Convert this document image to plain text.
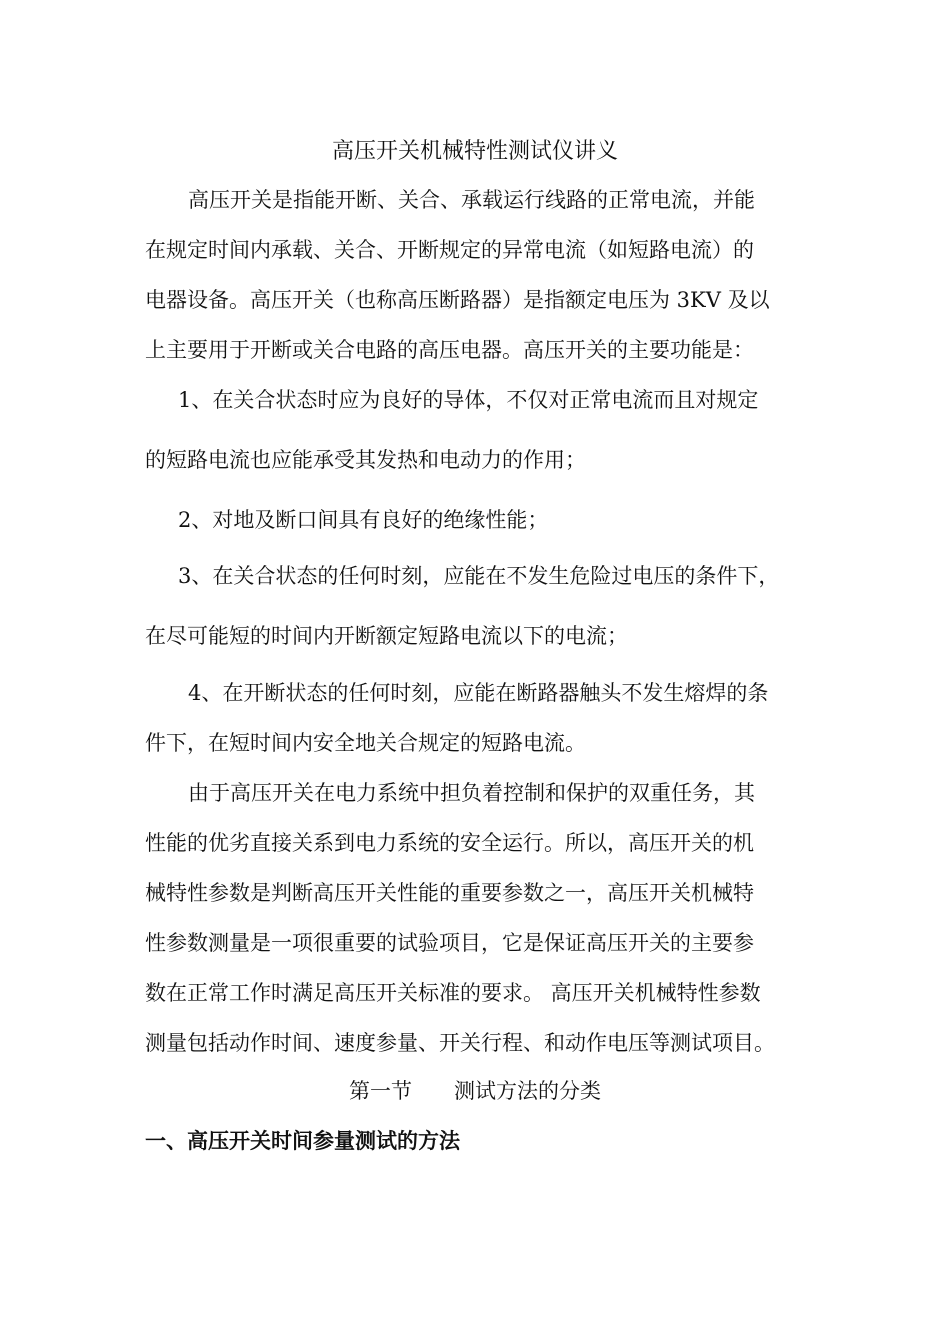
高压开关机械特性测试仪讲义

高压开关是指能开断、关合、承载运行线路的正常电流，并能

在规定时间内承载、关合、开断规定的异常电流（如短路电流）的

电器设备。高压开关（也称高压断路器）是指额定电压为 3KV 及以

上主要用于开断或关合电路的高压电器。高压开关的主要功能是：

1、在关合状态时应为良好的导体，不仅对正常电流而且对规定

的短路电流也应能承受其发热和电动力的作用；

2、对地及断口间具有良好的绝缘性能；

3、在关合状态的任何时刻，应能在不发生危险过电压的条件下，

在尽可能短的时间内开断额定短路电流以下的电流；

4、在开断状态的任何时刻，应能在断路器触头不发生熔焊的条

件下，在短时间内安全地关合规定的短路电流。

由于高压开关在电力系统中担负着控制和保护的双重任务，其

性能的优劣直接关系到电力系统的安全运行。所以，高压开关的机

械特性参数是判断高压开关性能的重要参数之一，高压开关机械特

性参数测量是一项很重要的试验项目，它是保证高压开关的主要参

数在正常工作时满足高压开关标准的要求。 高压开关机械特性参数

测量包括动作时间、速度参量、开关行程、和动作电压等测试项目。

第一节　　测试方法的分类

一、高压开关时间参量测试的方法
